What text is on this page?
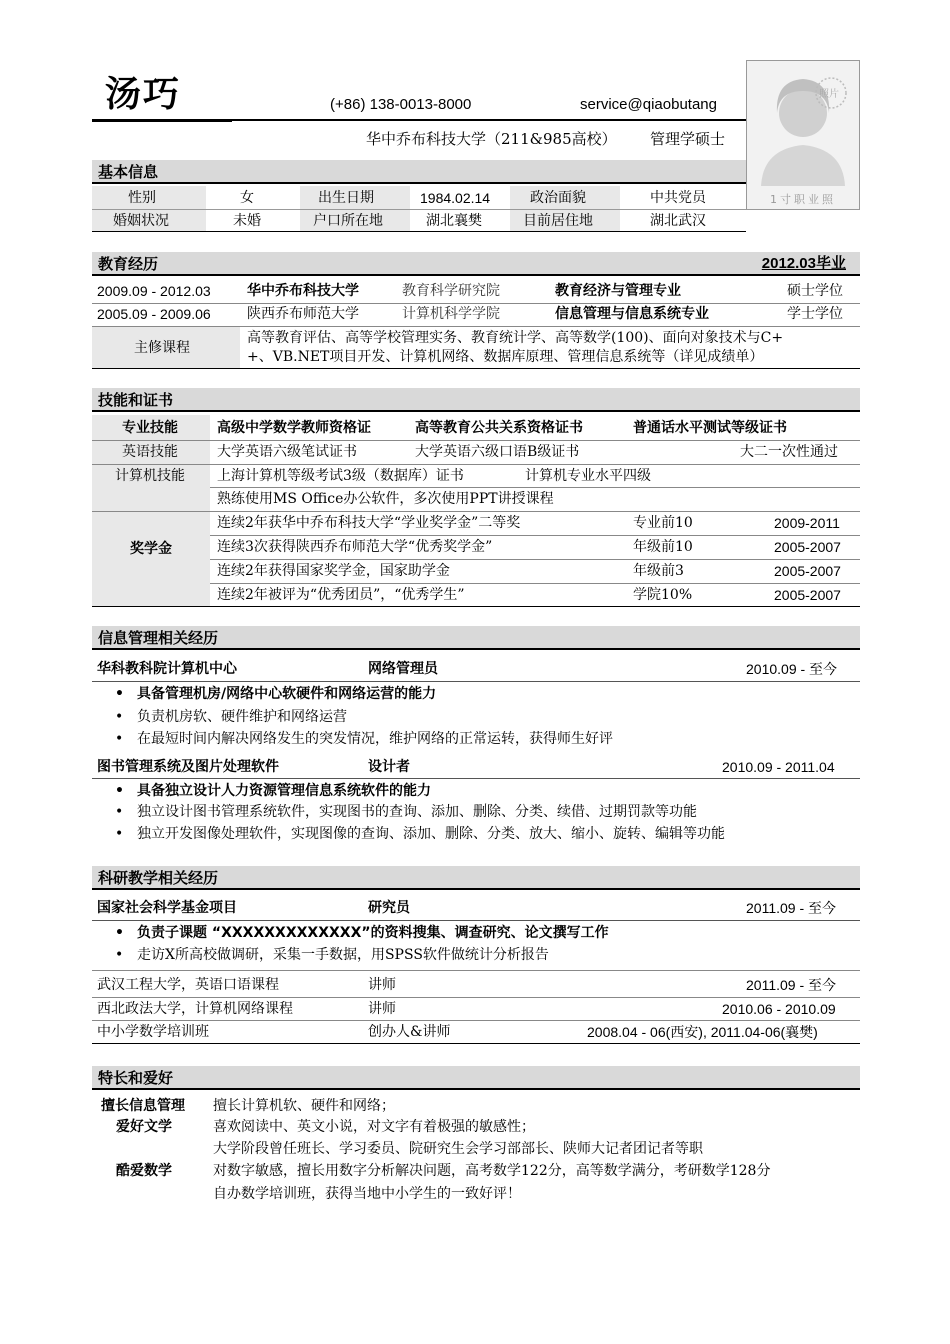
汤巧	(+86) 138-0013-8000	service@qiaobutang
华中乔布科技大学（211&985高校） 管理学硕士
照片
1寸职业照
基本信息
性别	女	出生日期	1984.02.14	政治面貌	中共党员
婚姻状况	未婚	户口所在地	湖北襄樊	目前居住地	湖北武汉
教育经历	2012.03毕业
2009.09 - 2012.03	华中乔布科技大学	教育科学研究院	教育经济与管理专业	硕士学位
2005.09 - 2009.06	陕西乔布师范大学	计算机科学学院	信息管理与信息系统专业	学士学位
主修课程
高等教育评估、高等学校管理实务、教育统计学、高等数学(100)、面向对象技术与C+
+、VB.NET项目开发、计算机网络、数据库原理、管理信息系统等（详见成绩单）
技能和证书
专业技能	高级中学数学教师资格证	高等教育公共关系资格证书	普通话水平测试等级证书
英语技能	大学英语六级笔试证书	大学英语六级口语B级证书	大二一次性通过
计算机技能 上海计算机等级考试3级（数据库）证书	计算机专业水平四级
熟练使用MS Office办公软件，多次使用PPT讲授课程
奖学金
连续2年获华中乔布科技大学“学业奖学金”二等奖	专业前10	2009-2011
连续3次获得陕西乔布师范大学“优秀奖学金”	年级前10	2005-2007
连续2年获得国家奖学金，国家助学金	年级前3	2005-2007
连续2年被评为“优秀团员”，“优秀学生”	学院10%	2005-2007
信息管理相关经历
华科教科院计算机中心	网络管理员	2010.09 - 至今
• 具备管理机房/网络中心软硬件和网络运营的能力
• 负责机房软、硬件维护和网络运营
• 在最短时间内解决网络发生的突发情况，维护网络的正常运转，获得师生好评
图书管理系统及图片处理软件	设计者	2010.09 - 2011.04
• 具备独立设计人力资源管理信息系统软件的能力
• 独立设计图书管理系统软件，实现图书的查询、添加、删除、分类、续借、过期罚款等功能
• 独立开发图像处理软件，实现图像的查询、添加、删除、分类、放大、缩小、旋转、编辑等功能
科研教学相关经历
国家社会科学基金项目	研究员	2011.09 - 至今
• 负责子课题 “XXXXXXXXXXXXX”的资料搜集、调查研究、论文撰写工作
• 走访X所高校做调研，采集一手数据，用SPSS软件做统计分析报告
武汉工程大学，英语口语课程	讲师	2011.09 - 至今
西北政法大学，计算机网络课程	讲师	2010.06 - 2010.09
中小学数学培训班	创办人&讲师	2008.04 - 06(西安), 2011.04-06(襄樊)
特长和爱好
擅长信息管理 擅长计算机软、硬件和网络；
爱好文学	喜欢阅读中、英文小说，对文字有着极强的敏感性；
大学阶段曾任班长、学习委员、院研究生会学习部部长、陕师大记者团记者等职
酷爱数学	对数字敏感，擅长用数字分析解决问题，高考数学122分，高等数学满分，考研数学128分
自办数学培训班，获得当地中小学生的一致好评！
